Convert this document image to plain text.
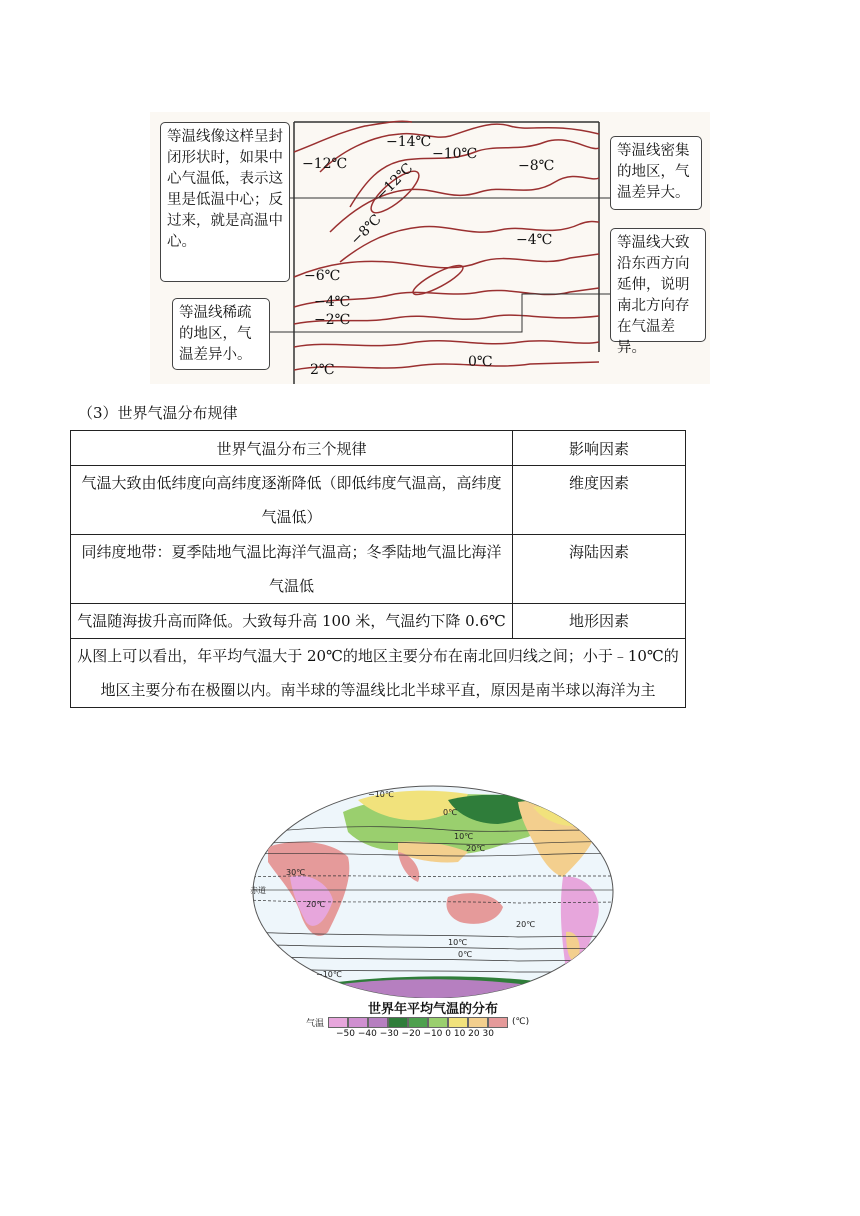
等温线像这样呈封闭形状时，如果中心气温低，表示这里是低温中心；反过来，就是高温中心。
等温线密集的地区，气温差异大。
等温线大致沿东西方向延伸，说明南北方向存在气温差异。
等温线稀疏的地区，气温差异小。
−14℃
−12℃
−10℃
−8℃
−12℃
−8℃	−4℃
−6℃
−4℃
−2℃
0℃
2℃
（3）世界气温分布规律
世界气温分布三个规律	影响因素
气温大致由低纬度向高纬度逐渐降低（即低纬度气温高，高纬度气温低）	维度因素
同纬度地带：夏季陆地气温比海洋气温高；冬季陆地气温比海洋气温低	海陆因素
气温随海拔升高而降低。大致每升高 100 米，气温约下降 0.6℃	地形因素
从图上可以看出，年平均气温大于 20℃的地区主要分布在南北回归线之间；小于﹣10℃的地区主要分布在极圈以内。南半球的等温线比北半球平直，原因是南半球以海洋为主	
赤道
−10℃
0℃
10℃
20℃
30℃
20℃
20℃
10℃
0℃
−10℃
世界年平均气温的分布
气温	(℃)
−50 −40 −30 −20 −10 0 10 20 30
